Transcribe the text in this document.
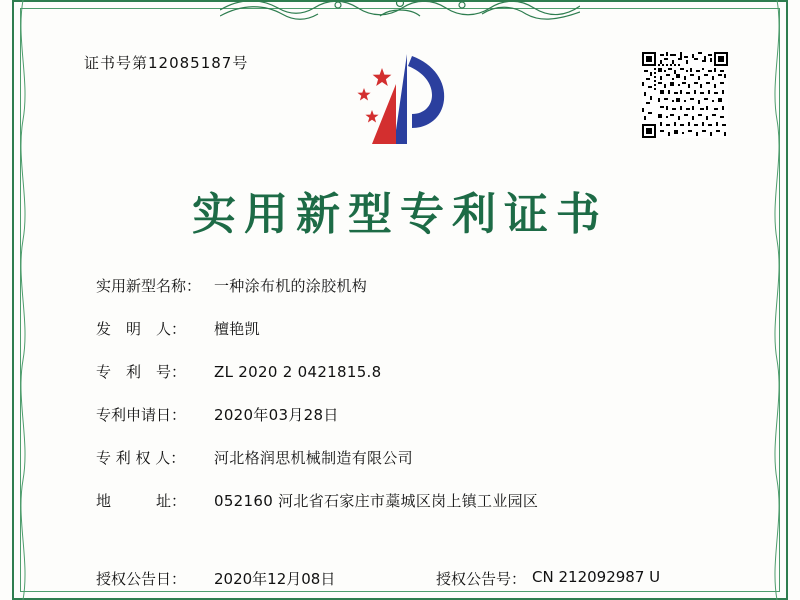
证书号第12085187号
实用新型专利证书
实用新型名称： 一种涂布机的涂胶机构
发　明　人：	檀艳凯
专　利　号：	ZL 2020 2 0421815.8
专利申请日：	2020年03月28日
专 利 权 人：	河北格润思机械制造有限公司
地　　　址：	052160 河北省石家庄市藁城区岗上镇工业园区
授权公告日：	2020年12月08日	授权公告号： CN 212092987 U
